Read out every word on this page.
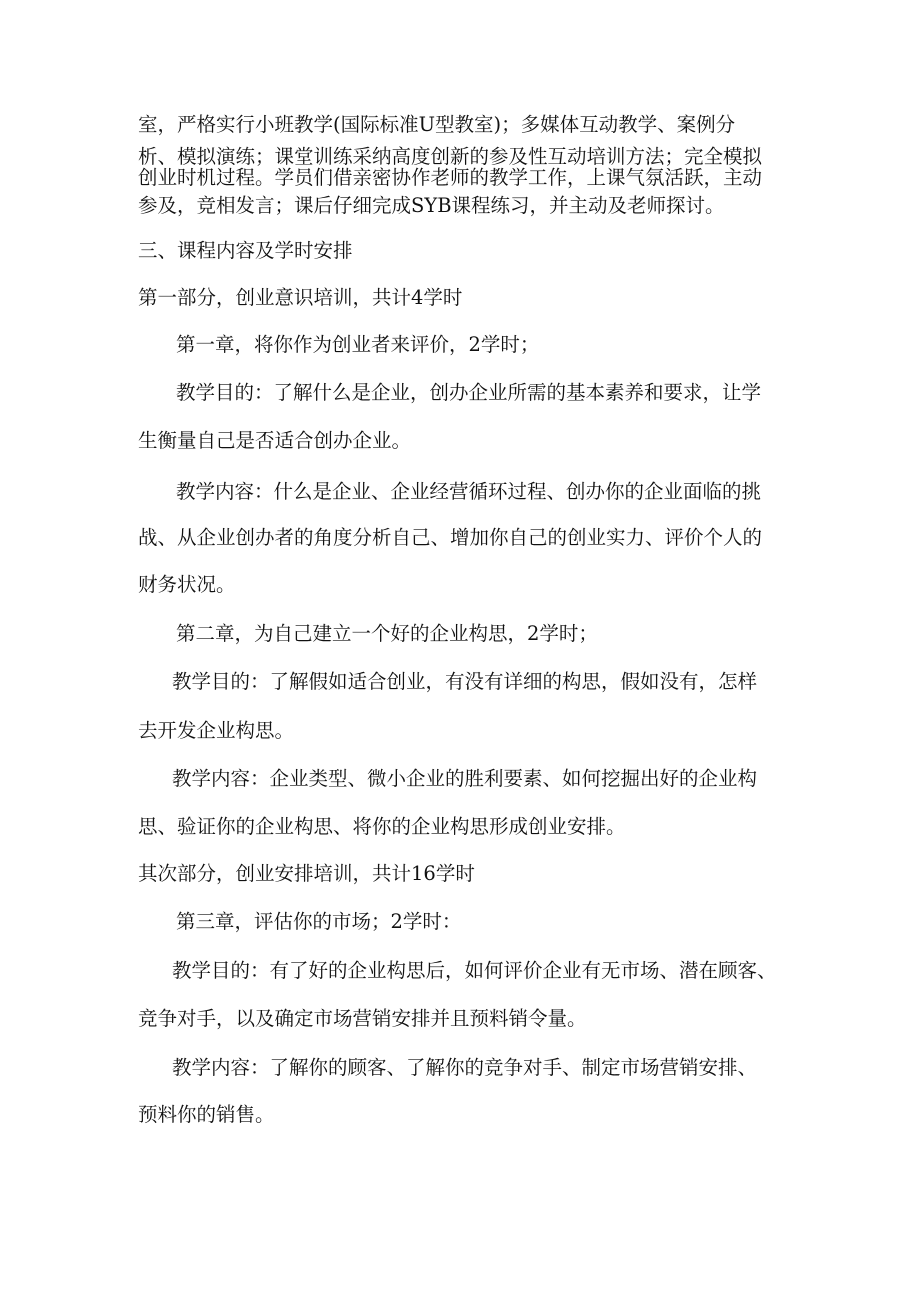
室，严格实行小班教学(国际标准U型教室)；多媒体互动教学、案例分
析、模拟演练；课堂训练采纳高度创新的参及性互动培训方法；完全模拟
创业时机过程。学员们借亲密协作老师的教学工作，上课气氛活跃，主动
参及，竞相发言；课后仔细完成SYB课程练习，并主动及老师探讨。
三、课程内容及学时安排
第一部分，创业意识培训，共计4学时
第一章，将你作为创业者来评价，2学时；
教学目的：了解什么是企业，创办企业所需的基本素养和要求，让学
生衡量自己是否适合创办企业。
教学内容：什么是企业、企业经营循环过程、创办你的企业面临的挑
战、从企业创办者的角度分析自己、增加你自己的创业实力、评价个人的
财务状况。
第二章，为自己建立一个好的企业构思，2学时；
教学目的：了解假如适合创业，有没有详细的构思，假如没有，怎样
去开发企业构思。
教学内容：企业类型、微小企业的胜利要素、如何挖掘出好的企业构
思、验证你的企业构思、将你的企业构思形成创业安排。
其次部分，创业安排培训，共计16学时
第三章，评估你的市场；2学时：
教学目的：有了好的企业构思后，如何评价企业有无市场、潜在顾客、
竞争对手，以及确定市场营销安排并且预料销令量。
教学内容：了解你的顾客、了解你的竞争对手、制定市场营销安排、
预料你的销售。
